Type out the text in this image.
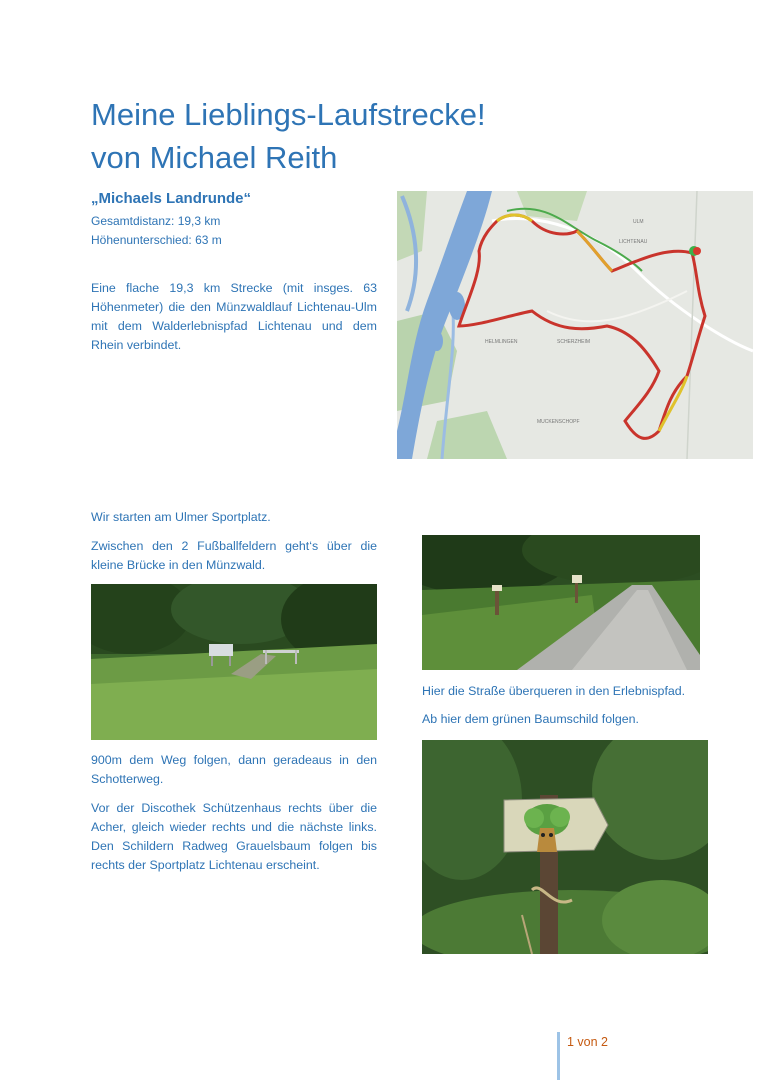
Meine Lieblings-Laufstrecke!
von Michael Reith
„Michaels Landrunde“
Gesamtdistanz: 19,3 km
Höhenunterschied: 63 m
Eine flache 19,3 km Strecke (mit insges. 63 Höhenmeter) die den Münzwaldlauf Lichtenau-Ulm mit dem Walderlebnispfad Lichtenau und dem Rhein verbindet.
ULM
LICHTENAU
HELMLINGEN	SCHERZHEIM
MUCKENSCHOPF
Wir starten am Ulmer Sportplatz.
Zwischen den 2 Fußballfeldern geht‘s über die kleine Brücke in den Münzwald.
900m dem Weg folgen, dann geradeaus in den Schotterweg.
Vor der Discothek Schützenhaus rechts über die Acher, gleich wieder rechts und die nächste links. Den Schildern Radweg Grauelsbaum folgen bis rechts der Sportplatz Lichtenau erscheint.
Hier die Straße überqueren in den Erlebnispfad.
Ab hier dem grünen Baumschild folgen.
1 von 2
